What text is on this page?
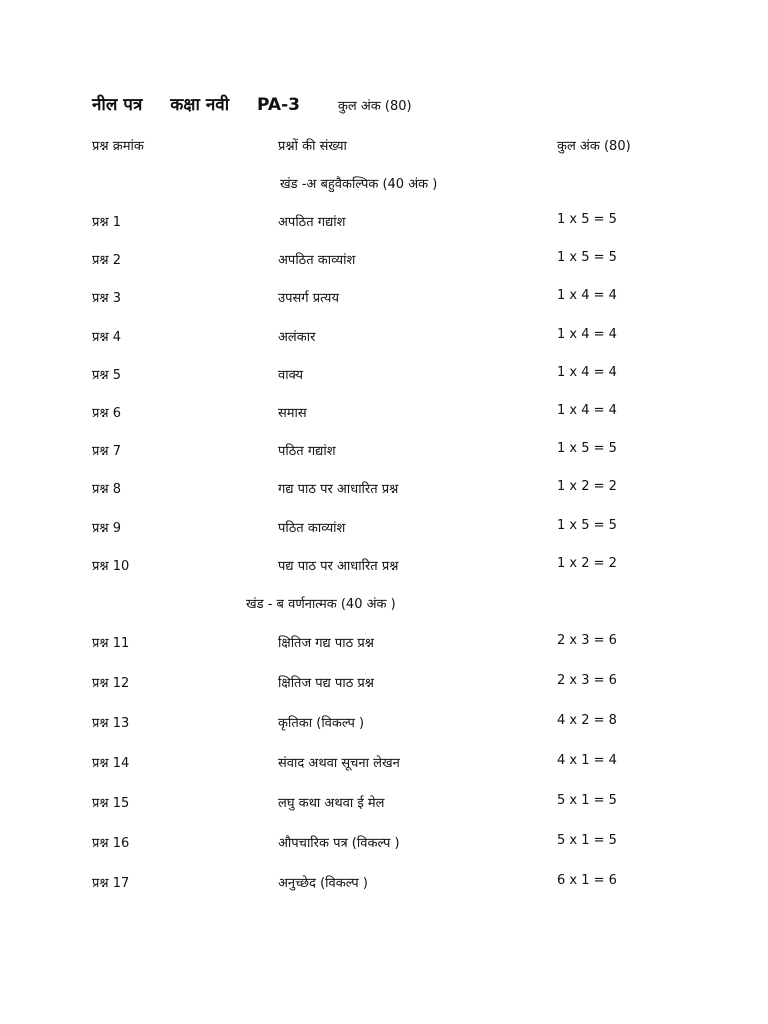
नील पत्र कक्षा नवी PA-3	कुल अंक (80)
प्रश्न क्रमांक	प्रश्नों की संख्या	कुल अंक (80)
खंड -अ बहुवैकल्पिक (40 अंक )
प्रश्न 1	अपठित गद्यांश	1 x 5 = 5
प्रश्न 2	अपठित काव्यांश	1 x 5 = 5
प्रश्न 3	उपसर्ग प्रत्यय	1 x 4 = 4
प्रश्न 4	अलंकार	1 x 4 = 4
प्रश्न 5	वाक्य	1 x 4 = 4
प्रश्न 6	समास	1 x 4 = 4
प्रश्न 7	पठित गद्यांश	1 x 5 = 5
प्रश्न 8	गद्य पाठ पर आधारित प्रश्न	1 x 2 = 2
प्रश्न 9	पठित काव्यांश	1 x 5 = 5
प्रश्न 10	पद्य पाठ पर आधारित प्रश्न	1 x 2 = 2
खंड - ब वर्णनात्मक (40 अंक )
प्रश्न 11	क्षितिज गद्य पाठ प्रश्न	2 x 3 = 6
प्रश्न 12	क्षितिज पद्य पाठ प्रश्न	2 x 3 = 6
प्रश्न 13	कृतिका (विकल्प )	4 x 2 = 8
प्रश्न 14	संवाद अथवा सूचना लेखन	4 x 1 = 4
प्रश्न 15	लघु कथा अथवा ई मेल	5 x 1 = 5
प्रश्न 16	औपचारिक पत्र (विकल्प )	5 x 1 = 5
प्रश्न 17	अनुच्छेद (विकल्प )	6 x 1 = 6
